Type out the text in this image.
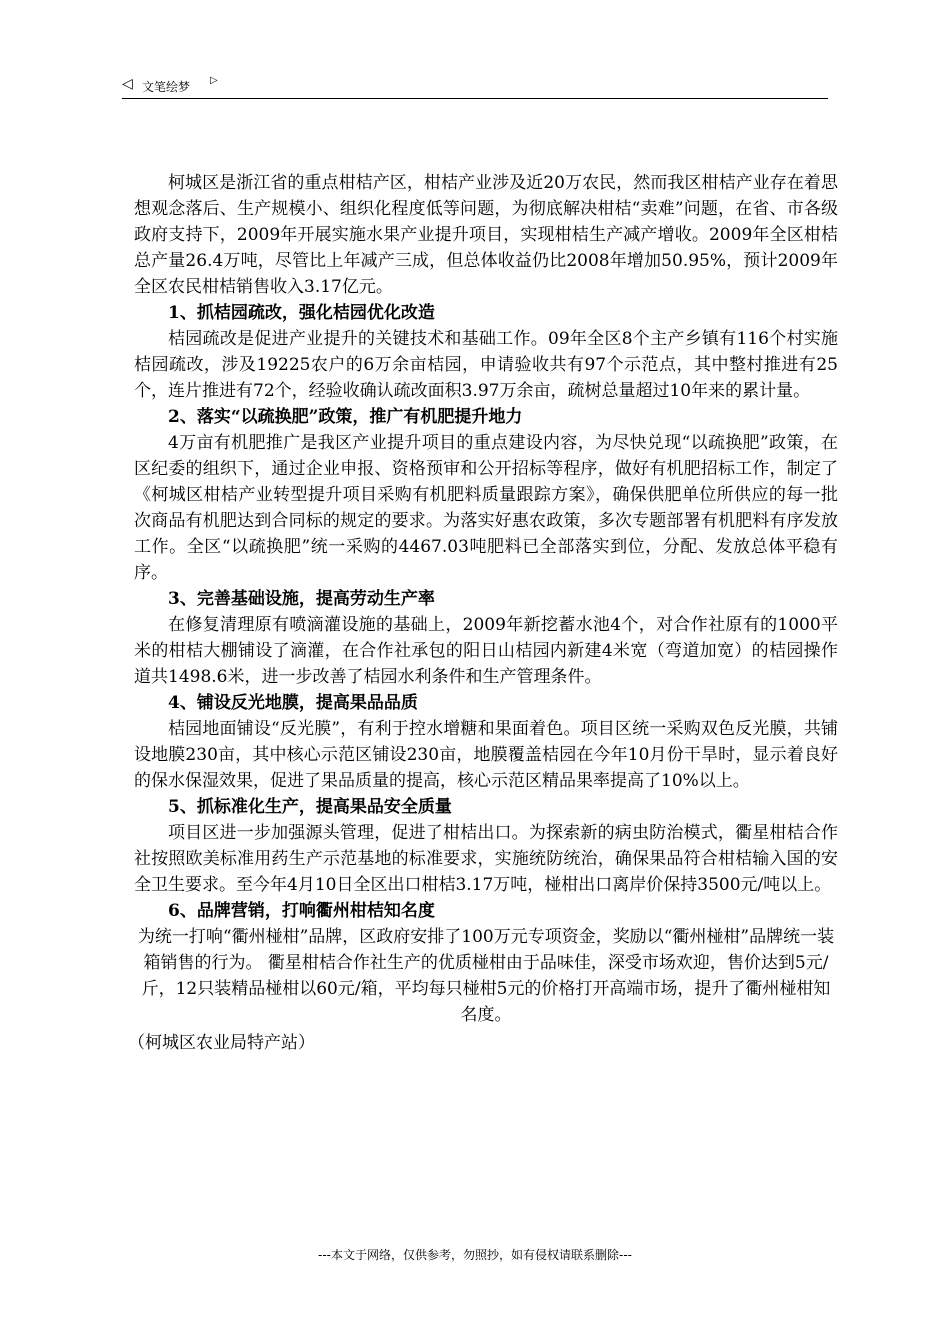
◁ 文笔绘梦 ▷

柯城区是浙江省的重点柑桔产区，柑桔产业涉及近20万农民，然而我区柑桔产业存在着思想观念落后、生产规模小、组织化程度低等问题，为彻底解决柑桔“卖难”问题，在省、市各级政府支持下，2009年开展实施水果产业提升项目，实现柑桔生产减产增收。2009年全区柑桔总产量26.4万吨，尽管比上年减产三成，但总体收益仍比2008年增加50.95%，预计2009年全区农民柑桔销售收入3.17亿元。

1、抓桔园疏改，强化桔园优化改造

桔园疏改是促进产业提升的关键技术和基础工作。09年全区8个主产乡镇有116个村实施桔园疏改，涉及19225农户的6万余亩桔园，申请验收共有97个示范点，其中整村推进有25个，连片推进有72个，经验收确认疏改面积3.97万余亩，疏树总量超过10年来的累计量。

2、落实“以疏换肥”政策，推广有机肥提升地力

4万亩有机肥推广是我区产业提升项目的重点建设内容，为尽快兑现“以疏换肥”政策，在区纪委的组织下，通过企业申报、资格预审和公开招标等程序，做好有机肥招标工作，制定了《柯城区柑桔产业转型提升项目采购有机肥料质量跟踪方案》，确保供肥单位所供应的每一批次商品有机肥达到合同标的规定的要求。为落实好惠农政策，多次专题部署有机肥料有序发放工作。全区“以疏换肥”统一采购的4467.03吨肥料已全部落实到位，分配、发放总体平稳有序。

3、完善基础设施，提高劳动生产率

在修复清理原有喷滴灌设施的基础上，2009年新挖蓄水池4个，对合作社原有的1000平米的柑桔大棚铺设了滴灌，在合作社承包的阳日山桔园内新建4米宽（弯道加宽）的桔园操作道共1498.6米，进一步改善了桔园水利条件和生产管理条件。

4、铺设反光地膜，提高果品品质

桔园地面铺设“反光膜”，有利于控水增糖和果面着色。项目区统一采购双色反光膜，共铺设地膜230亩，其中核心示范区铺设230亩，地膜覆盖桔园在今年10月份干旱时，显示着良好的保水保湿效果，促进了果品质量的提高，核心示范区精品果率提高了10%以上。

5、抓标准化生产，提高果品安全质量

项目区进一步加强源头管理，促进了柑桔出口。为探索新的病虫防治模式，衢星柑桔合作社按照欧美标准用药生产示范基地的标准要求，实施统防统治，确保果品符合柑桔输入国的安全卫生要求。至今年4月10日全区出口柑桔3.17万吨，椪柑出口离岸价保持3500元/吨以上。

6、品牌营销，打响衢州柑桔知名度

为统一打响“衢州椪柑”品牌，区政府安排了100万元专项资金，奖励以“衢州椪柑”品牌统一装箱销售的行为。 衢星柑桔合作社生产的优质椪柑由于品味佳，深受市场欢迎，售价达到5元/斤，12只装精品椪柑以60元/箱，平均每只椪柑5元的价格打开高端市场，提升了衢州椪柑知名度。

（柯城区农业局特产站）

---本文于网络，仅供参考，勿照抄，如有侵权请联系删除---
